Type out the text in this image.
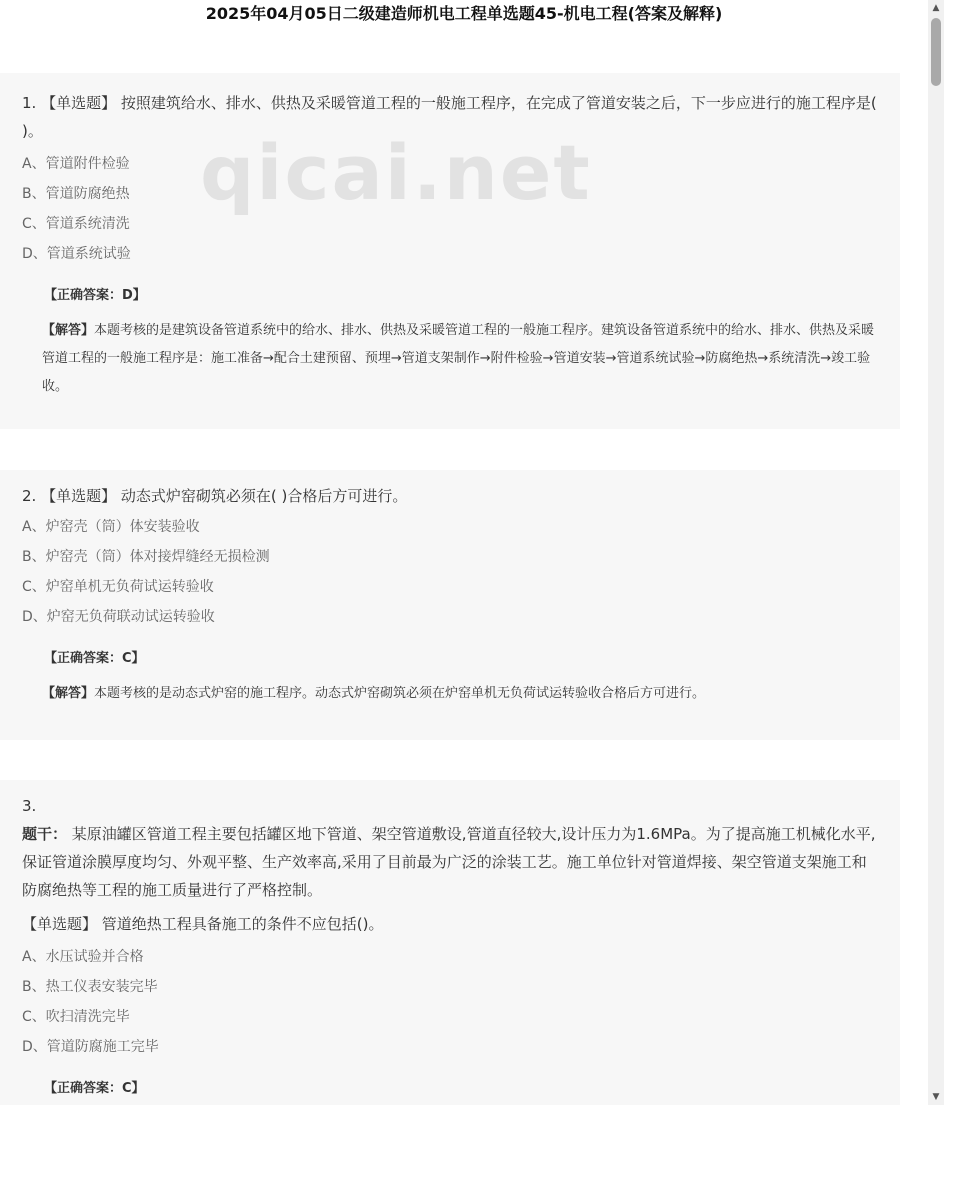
2025年04月05日二级建造师机电工程单选题45-机电工程(答案及解释)
1. 【单选题】 按照建筑给水、排水、供热及采暖管道工程的一般施工程序，在完成了管道安装之后，下一步应进行的施工程序是( )。
A、管道附件检验
B、管道防腐绝热
C、管道系统清洗
D、管道系统试验
【正确答案：D】
【解答】本题考核的是建筑设备管道系统中的给水、排水、供热及采暖管道工程的一般施工程序。建筑设备管道系统中的给水、排水、供热及采暖管道工程的一般施工程序是：施工准备→配合土建预留、预埋→管道支架制作→附件检验→管道安装→管道系统试验→防腐绝热→系统清洗→竣工验收。
qicai.net
2. 【单选题】 动态式炉窑砌筑必须在( )合格后方可进行。
A、炉窑壳（筒）体安装验收
B、炉窑壳（筒）体对接焊缝经无损检测
C、炉窑单机无负荷试运转验收
D、炉窑无负荷联动试运转验收
【正确答案：C】
【解答】本题考核的是动态式炉窑的施工程序。动态式炉窑砌筑必须在炉窑单机无负荷试运转验收合格后方可进行。
3.
题干： 某原油罐区管道工程主要包括罐区地下管道、架空管道敷设,管道直径较大,设计压力为1.6MPa。为了提高施工机械化水平,保证管道涂膜厚度均匀、外观平整、生产效率高,采用了目前最为广泛的涂装工艺。施工单位针对管道焊接、架空管道支架施工和防腐绝热等工程的施工质量进行了严格控制。
【单选题】 管道绝热工程具备施工的条件不应包括()。
A、水压试验并合格
B、热工仪表安装完毕
C、吹扫清洗完毕
D、管道防腐施工完毕
【正确答案：C】
▲
▼
